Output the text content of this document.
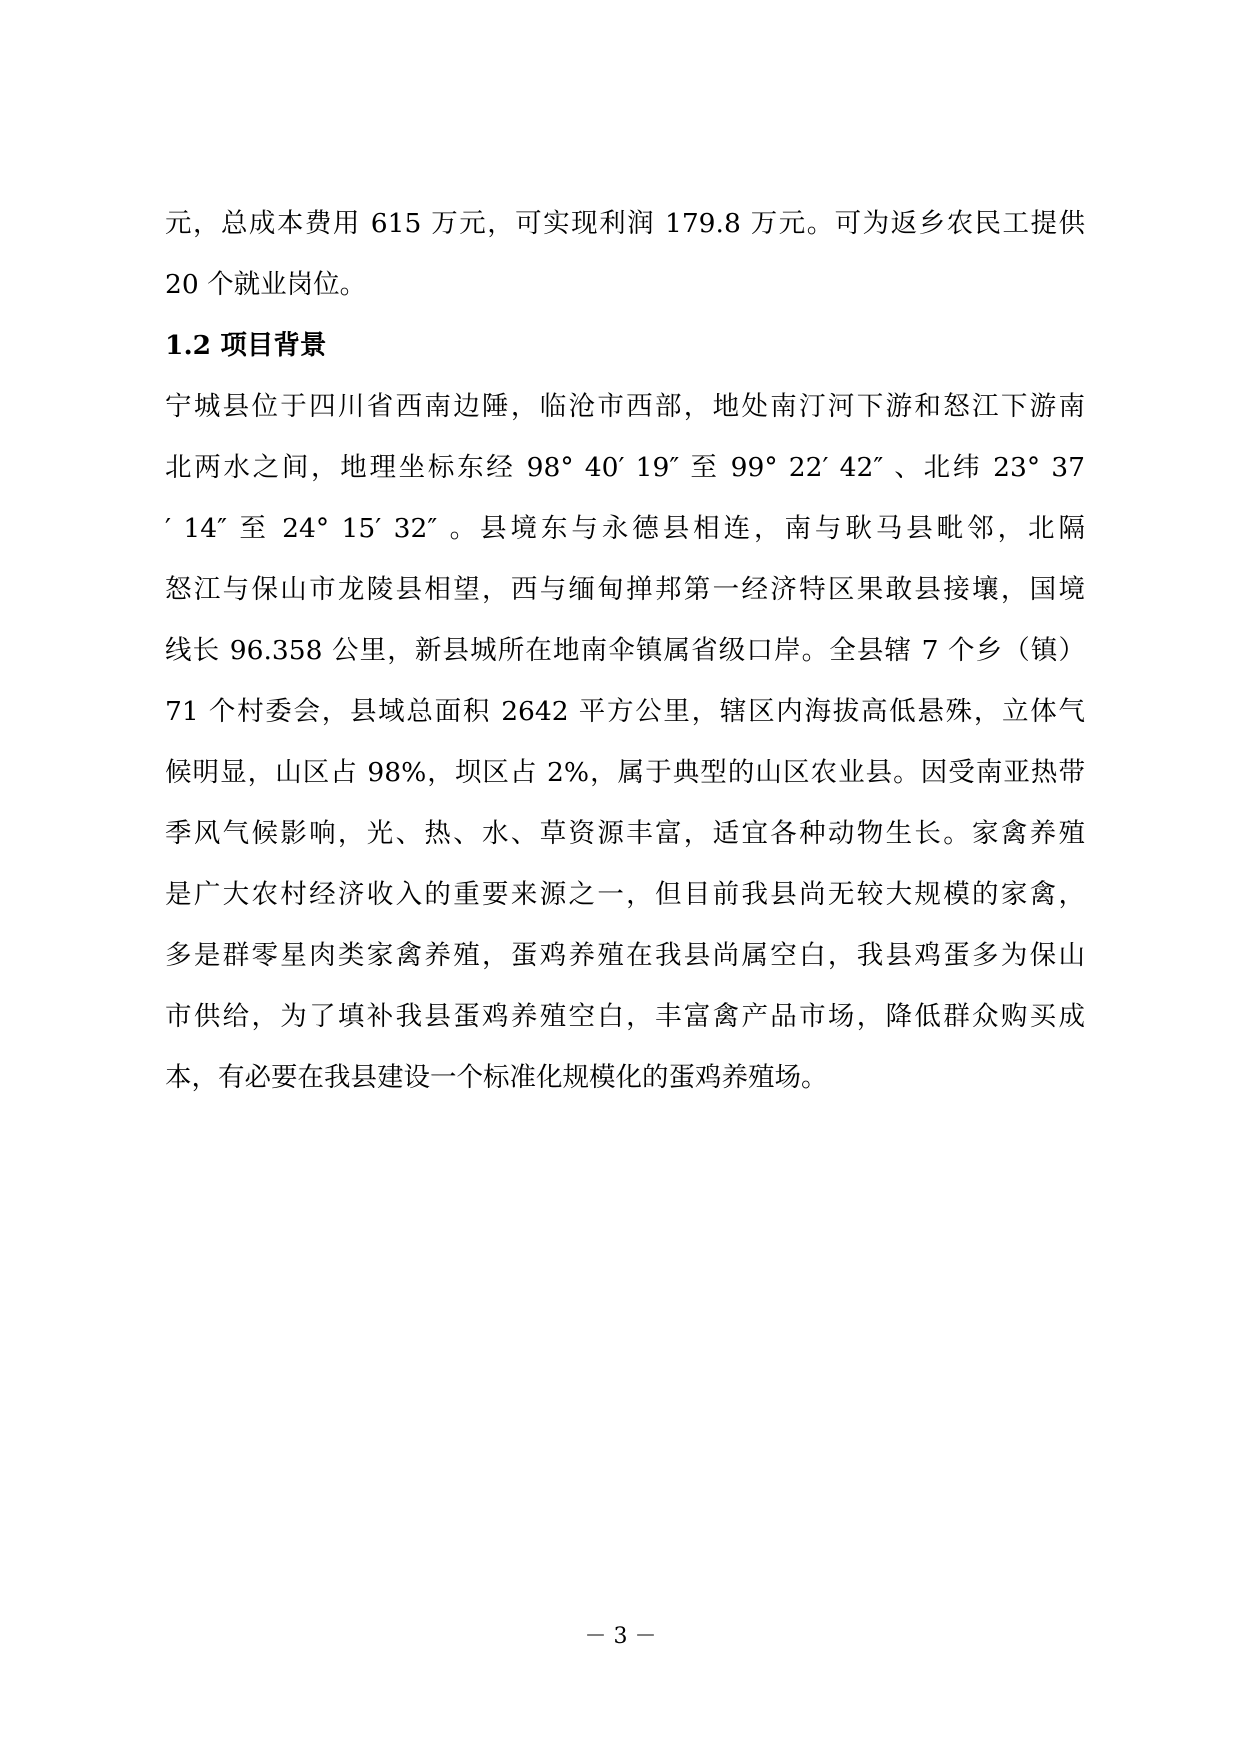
元，总成本费用 615 万元，可实现利润 179.8 万元。可为返乡农民工提供
20 个就业岗位。
1.2 项目背景
宁城县位于四川省西南边陲，临沧市西部，地处南汀河下游和怒江下游南
北两水之间，地理坐标东经 98° 40′ 19″ 至 99° 22′ 42″ 、北纬 23° 37
′ 14″ 至 24° 15′ 32″ 。县境东与永德县相连，南与耿马县毗邻，北隔
怒江与保山市龙陵县相望，西与缅甸掸邦第一经济特区果敢县接壤，国境
线长 96.358 公里，新县城所在地南伞镇属省级口岸。全县辖 7 个乡（镇）
71 个村委会，县域总面积 2642 平方公里，辖区内海拔高低悬殊，立体气
候明显，山区占 98%，坝区占 2%，属于典型的山区农业县。因受南亚热带
季风气候影响，光、热、水、草资源丰富，适宜各种动物生长。家禽养殖
是广大农村经济收入的重要来源之一，但目前我县尚无较大规模的家禽，
多是群零星肉类家禽养殖，蛋鸡养殖在我县尚属空白，我县鸡蛋多为保山
市供给，为了填补我县蛋鸡养殖空白，丰富禽产品市场，降低群众购买成
本，有必要在我县建设一个标准化规模化的蛋鸡养殖场。
－ 3 －
